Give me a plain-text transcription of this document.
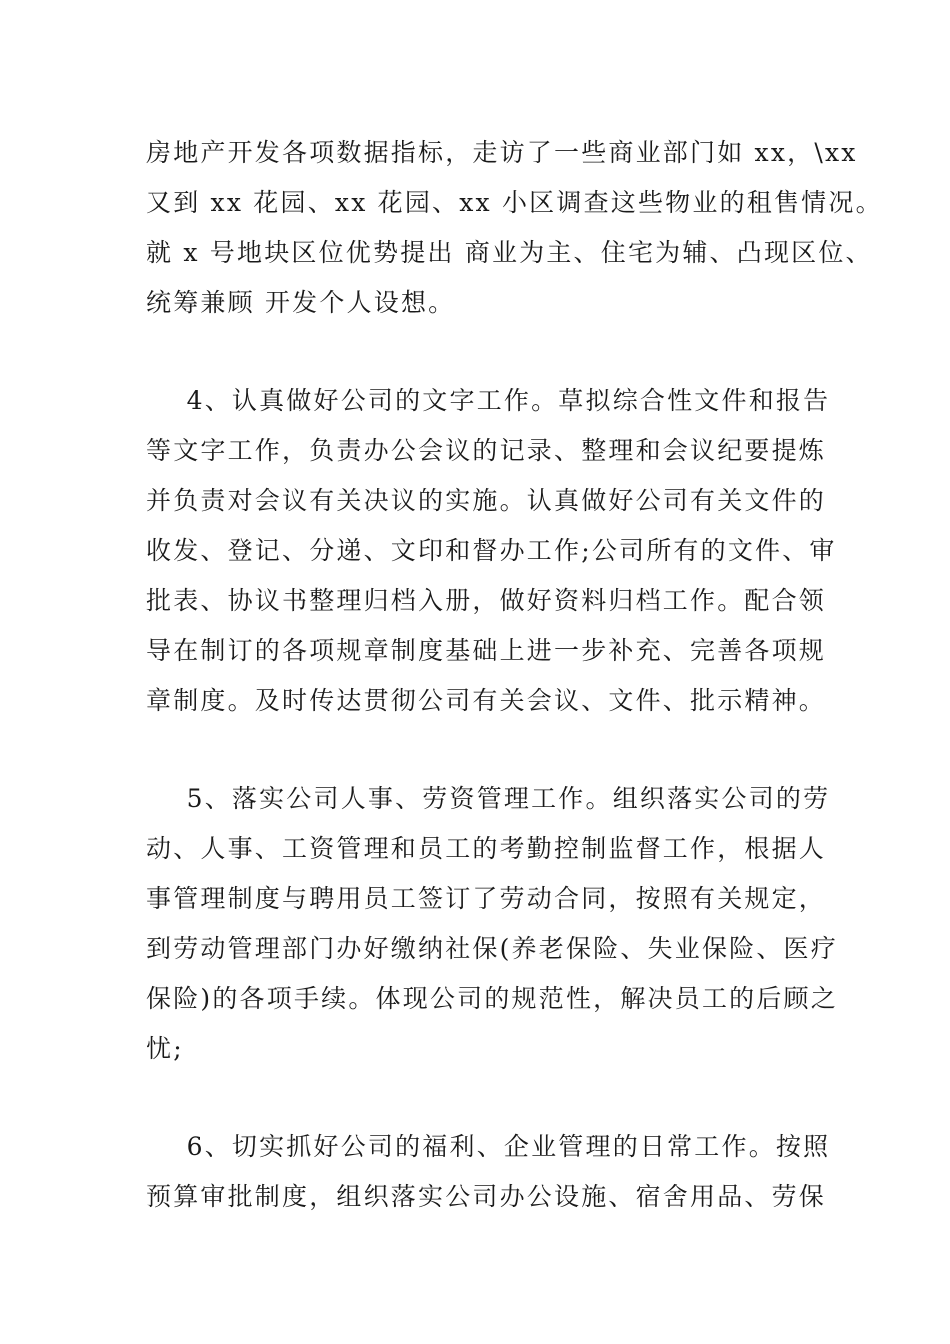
房地产开发各项数据指标，走访了一些商业部门如 xx，\xx
又到 xx 花园、xx 花园、xx 小区调查这些物业的租售情况。
就 x 号地块区位优势提出 商业为主、住宅为辅、凸现区位、
统筹兼顾 开发个人设想。
4、认真做好公司的文字工作。草拟综合性文件和报告
等文字工作，负责办公会议的记录、整理和会议纪要提炼
并负责对会议有关决议的实施。认真做好公司有关文件的
收发、登记、分递、文印和督办工作;公司所有的文件、审
批表、协议书整理归档入册，做好资料归档工作。配合领
导在制订的各项规章制度基础上进一步补充、完善各项规
章制度。及时传达贯彻公司有关会议、文件、批示精神。
5、落实公司人事、劳资管理工作。组织落实公司的劳
动、人事、工资管理和员工的考勤控制监督工作，根据人
事管理制度与聘用员工签订了劳动合同，按照有关规定，
到劳动管理部门办好缴纳社保(养老保险、失业保险、医疗
保险)的各项手续。体现公司的规范性，解决员工的后顾之
忧;
6、切实抓好公司的福利、企业管理的日常工作。按照
预算审批制度，组织落实公司办公设施、宿舍用品、劳保
